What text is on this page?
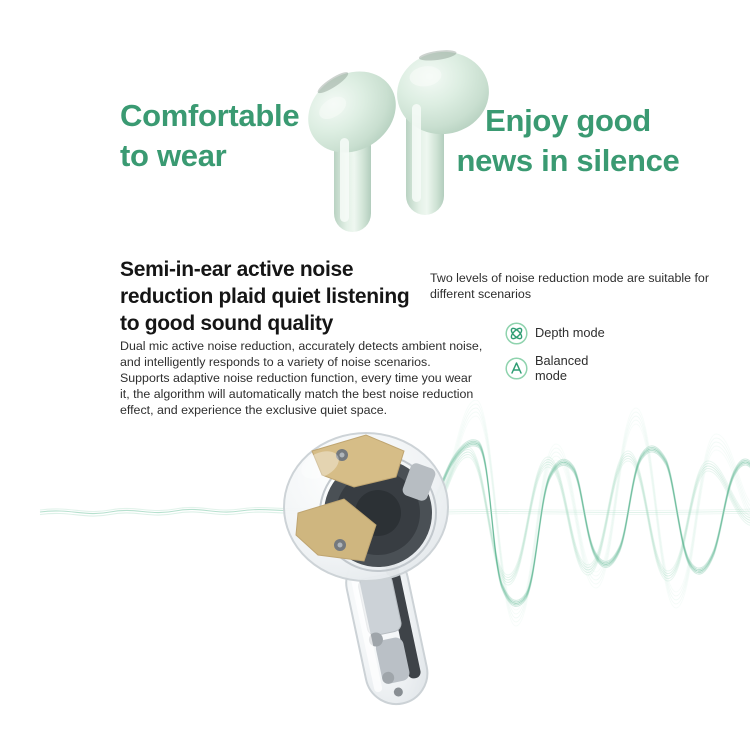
Comfortable
to wear
Enjoy good
news in silence
Semi-in-ear active noise
reduction plaid quiet listening
to good sound quality
Dual mic active noise reduction, accurately detects ambient noise,
and intelligently responds to a variety of noise scenarios.
Supports adaptive noise reduction function, every time you wear
it, the algorithm will automatically match the best noise reduction
effect, and experience the exclusive quiet space.
Two levels of noise reduction mode are suitable for
different scenarios
Depth mode
Balanced mode
